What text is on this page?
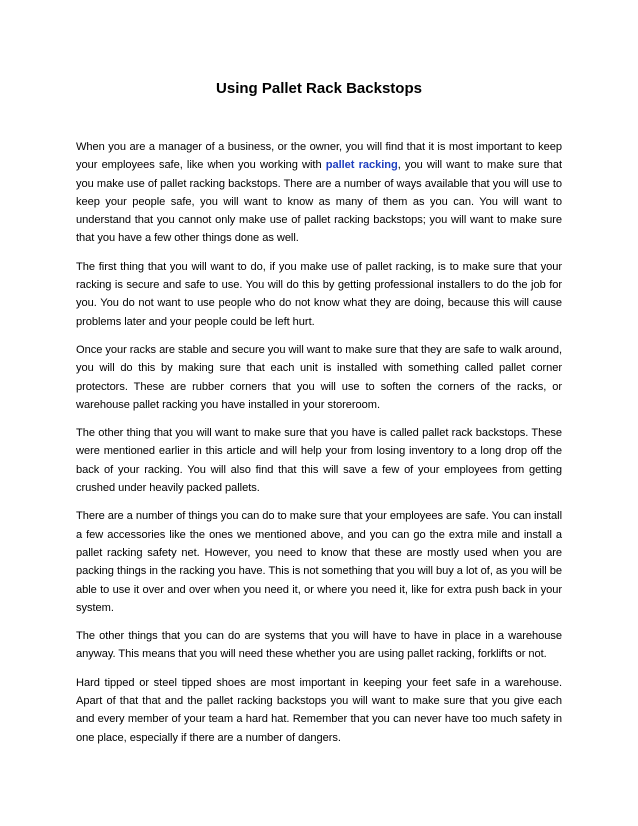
Using Pallet Rack Backstops

When you are a manager of a business, or the owner, you will find that it is most important to keep your employees safe, like when you working with pallet racking, you will want to make sure that you make use of pallet racking backstops. There are a number of ways available that you will use to keep your people safe, you will want to know as many of them as you can. You will want to understand that you cannot only make use of pallet racking backstops; you will want to make sure that you have a few other things done as well.

The first thing that you will want to do, if you make use of pallet racking, is to make sure that your racking is secure and safe to use. You will do this by getting professional installers to do the job for you. You do not want to use people who do not know what they are doing, because this will cause problems later and your people could be left hurt.

Once your racks are stable and secure you will want to make sure that they are safe to walk around, you will do this by making sure that each unit is installed with something called pallet corner protectors. These are rubber corners that you will use to soften the corners of the racks, or warehouse pallet racking you have installed in your storeroom.

The other thing that you will want to make sure that you have is called pallet rack backstops. These were mentioned earlier in this article and will help your from losing inventory to a long drop off the back of your racking. You will also find that this will save a few of your employees from getting crushed under heavily packed pallets.

There are a number of things you can do to make sure that your employees are safe. You can install a few accessories like the ones we mentioned above, and you can go the extra mile and install a pallet racking safety net. However, you need to know that these are mostly used when you are packing things in the racking you have. This is not something that you will buy a lot of, as you will be able to use it over and over when you need it, or where you need it, like for extra push back in your system.

The other things that you can do are systems that you will have to have in place in a warehouse anyway. This means that you will need these whether you are using pallet racking, forklifts or not.

Hard tipped or steel tipped shoes are most important in keeping your feet safe in a warehouse. Apart of that that and the pallet racking backstops you will want to make sure that you give each and every member of your team a hard hat. Remember that you can never have too much safety in one place, especially if there are a number of dangers.
